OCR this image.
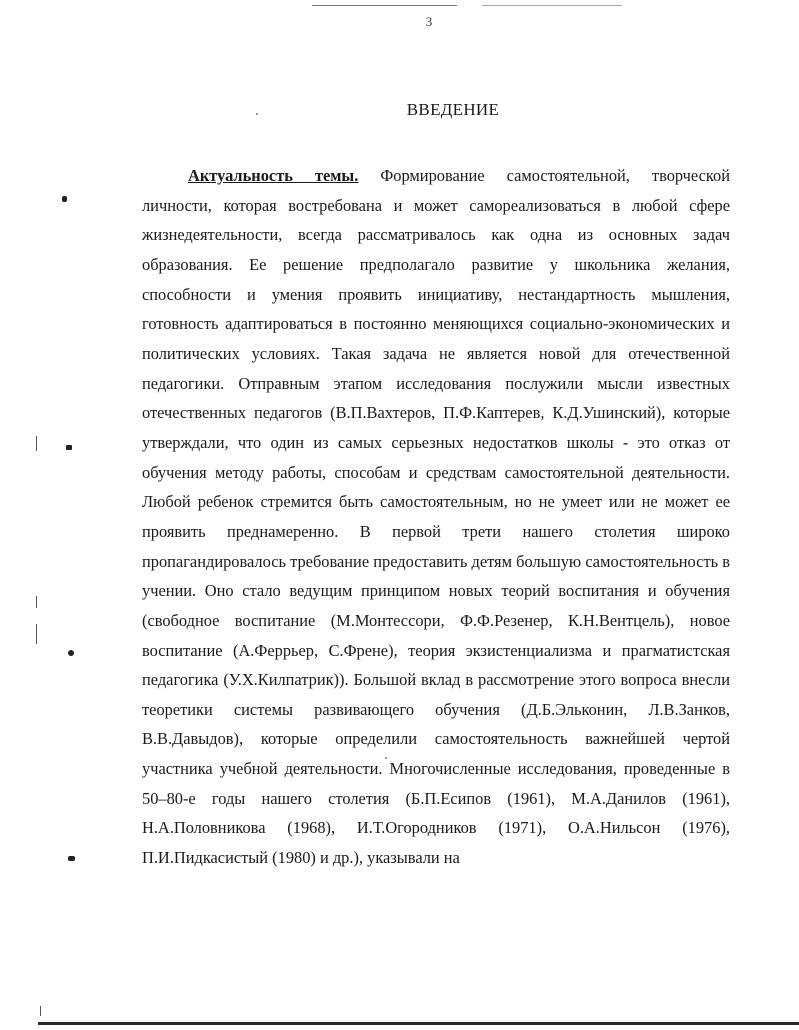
3
ВВЕДЕНИЕ

Актуальность темы. Формирование самостоятельной, творческой личности, которая востребована и может самореализоваться в любой сфере жизнедеятельности, всегда рассматривалось как одна из основных задач образования. Ее решение предполагало развитие у школьника желания, способности и умения проявить инициативу, нестандартность мышления, готовность адаптироваться в постоянно меняющихся социально-экономических и политических условиях. Такая задача не является новой для отечественной педагогики. Отправным этапом исследования послужили мысли известных отечественных педагогов (В.П.Вахтеров, П.Ф.Каптерев, К.Д.Ушинский), которые утверждали, что один из самых серьезных недостатков школы - это отказ от обучения методу работы, способам и средствам самостоятельной деятельности. Любой ребенок стремится быть самостоятельным, но не умеет или не может ее проявить преднамеренно. В первой трети нашего столетия широко пропагандировалось требование предоставить детям большую самостоятельность в учении. Оно стало ведущим принципом новых теорий воспитания и обучения (свободное воспитание (М.Монтессори, Ф.Ф.Резенер, К.Н.Вентцель), новое воспитание (А.Феррьер, С.Френе), теория экзистенциализма и прагматистская педагогика (У.Х.Килпатрик)). Большой вклад в рассмотрение этого вопроса внесли теоретики системы развивающего обучения (Д.Б.Эльконин, Л.В.Занков, В.В.Давыдов), которые определили самостоятельность важнейшей чертой участника учебной деятельности. Многочисленные исследования, проведенные в 50–80-е годы нашего столетия (Б.П.Есипов (1961), М.А.Данилов (1961), Н.А.Половникова (1968), И.Т.Огородников (1971), О.А.Нильсон (1976), П.И.Пидкасистый (1980) и др.), указывали на
